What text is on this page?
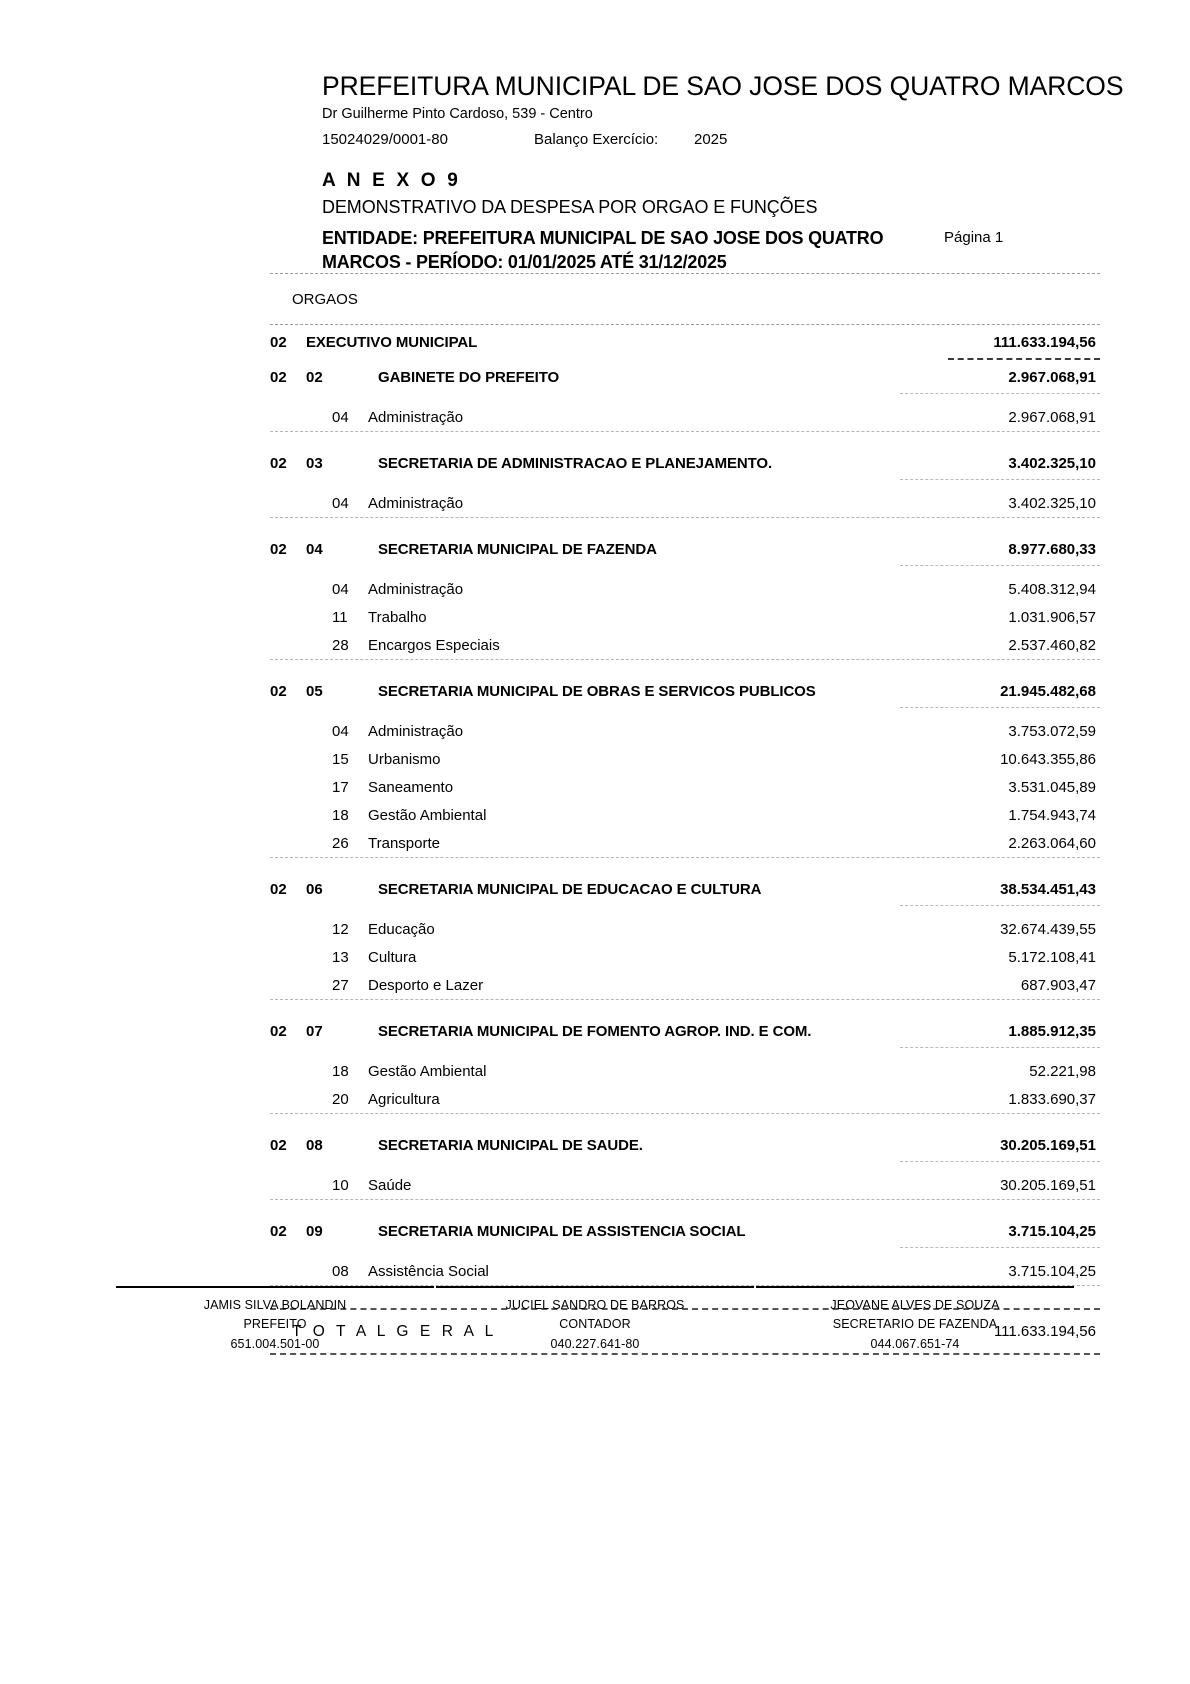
PREFEITURA MUNICIPAL DE SAO JOSE DOS QUATRO MARCOS
Dr Guilherme Pinto Cardoso, 539 - Centro
15024029/0001-80	Balanço Exercício:	2025
A N E X O 9
DEMONSTRATIVO DA DESPESA POR ORGAO E FUNÇÕES
ENTIDADE: PREFEITURA MUNICIPAL DE SAO JOSE DOS QUATRO MARCOS - PERÍODO: 01/01/2025 ATÉ 31/12/2025
Página 1
ORGAOS
02	EXECUTIVO MUNICIPAL	111.633.194,56
02	02	GABINETE DO PREFEITO	2.967.068,91
04	Administração	2.967.068,91
02	03	SECRETARIA DE ADMINISTRACAO E PLANEJAMENTO.	3.402.325,10
04	Administração	3.402.325,10
02	04	SECRETARIA MUNICIPAL DE FAZENDA	8.977.680,33
04	Administração	5.408.312,94
11	Trabalho	1.031.906,57
28	Encargos Especiais	2.537.460,82
02	05	SECRETARIA MUNICIPAL DE OBRAS E SERVICOS PUBLICOS	21.945.482,68
04	Administração	3.753.072,59
15	Urbanismo	10.643.355,86
17	Saneamento	3.531.045,89
18	Gestão Ambiental	1.754.943,74
26	Transporte	2.263.064,60
02	06	SECRETARIA MUNICIPAL DE EDUCACAO E CULTURA	38.534.451,43
12	Educação	32.674.439,55
13	Cultura	5.172.108,41
27	Desporto e Lazer	687.903,47
02	07	SECRETARIA MUNICIPAL DE FOMENTO AGROP. IND. E COM.	1.885.912,35
18	Gestão Ambiental	52.221,98
20	Agricultura	1.833.690,37
02	08	SECRETARIA MUNICIPAL DE SAUDE.	30.205.169,51
10	Saúde	30.205.169,51
02	09	SECRETARIA MUNICIPAL DE ASSISTENCIA SOCIAL	3.715.104,25
08	Assistência Social	3.715.104,25
T O T A L G E R A L	111.633.194,56
JAMIS SILVA BOLANDIN
PREFEITO
651.004.501-00
JUCIEL SANDRO DE BARROS
CONTADOR
040.227.641-80
JEOVANE ALVES DE SOUZA
SECRETARIO DE FAZENDA
044.067.651-74
